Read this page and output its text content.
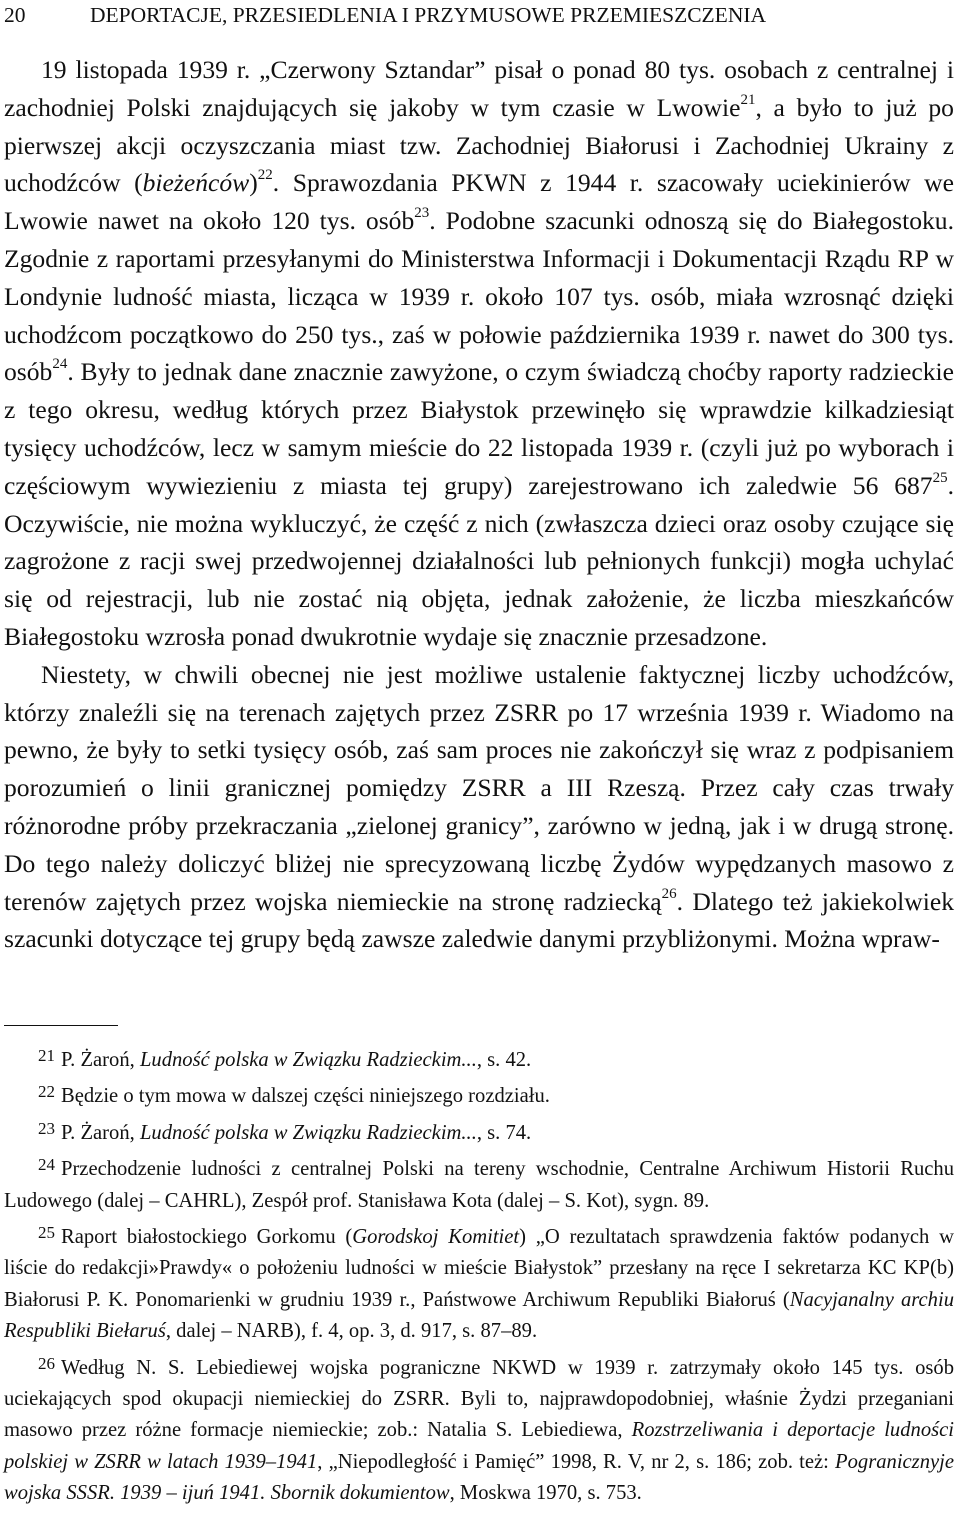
20	DEPORTACJE, PRZESIEDLENIA I PRZYMUSOWE PRZEMIESZCZENIA

19 listopada 1939 r. „Czerwony Sztandar” pisał o ponad 80 tys. osobach z centralnej i zachodniej Polski znajdujących się jakoby w tym czasie w Lwowie$^{21}$, a było to już po pierwszej akcji oczyszczania miast tzw. Zachodniej Białorusi i Zachodniej Ukrainy z uchodźców (bieżeńców)$^{22}$. Sprawozdania PKWN z 1944 r. szacowały uciekinierów we Lwowie nawet na około 120 tys. osób$^{23}$. Podobne szacunki odnoszą się do Białegostoku. Zgodnie z raportami przesyłanymi do Ministerstwa Informacji i Dokumentacji Rządu RP w Londynie ludność miasta, licząca w 1939 r. około 107 tys. osób, miała wzrosnąć dzięki uchodźcom początkowo do 250 tys., zaś w połowie października 1939 r. nawet do 300 tys. osób$^{24}$. Były to jednak dane znacznie zawyżone, o czym świadczą choćby raporty radzieckie z tego okresu, według których przez Białystok przewinęło się wprawdzie kilkadziesiąt tysięcy uchodźców, lecz w samym mieście do 22 listopada 1939 r. (czyli już po wyborach i częściowym wywiezieniu z miasta tej grupy) zarejestrowano ich zaledwie 56 687$^{25}$. Oczywiście, nie można wykluczyć, że część z nich (zwłaszcza dzieci oraz osoby czujące się zagrożone z racji swej przedwojennej działalności lub pełnionych funkcji) mogła uchylać się od rejestracji, lub nie zostać nią objęta, jednak założenie, że liczba mieszkańców Białegostoku wzrosła ponad dwukrotnie wydaje się znacznie przesadzone.

Niestety, w chwili obecnej nie jest możliwe ustalenie faktycznej liczby uchodźców, którzy znaleźli się na terenach zajętych przez ZSRR po 17 września 1939 r. Wiadomo na pewno, że były to setki tysięcy osób, zaś sam proces nie zakończył się wraz z podpisaniem porozumień o linii granicznej pomiędzy ZSRR a III Rzeszą. Przez cały czas trwały różnorodne próby przekraczania „zielonej granicy”, zarówno w jedną, jak i w drugą stronę. Do tego należy doliczyć bliżej nie sprecyzowaną liczbę Żydów wypędzanych masowo z terenów zajętych przez wojska niemieckie na stronę radziecką$^{26}$. Dlatego też jakiekolwiek szacunki dotyczące tej grupy będą zawsze zaledwie danymi przybliżonymi. Można wpraw-

21 P. Żaroń, Ludność polska w Związku Radzieckim..., s. 42.

22 Będzie o tym mowa w dalszej części niniejszego rozdziału.

23 P. Żaroń, Ludność polska w Związku Radzieckim..., s. 74.

24 Przechodzenie ludności z centralnej Polski na tereny wschodnie, Centralne Archiwum Historii Ruchu Ludowego (dalej – CAHRL), Zespół prof. Stanisława Kota (dalej – S. Kot), sygn. 89.

25 Raport białostockiego Gorkomu (Gorodskoj Komitiet) „O rezultatach sprawdzenia faktów podanych w liście do redakcji»Prawdy« o położeniu ludności w mieście Białystok” przesłany na ręce I sekretarza KC KP(b) Białorusi P. K. Ponomarienki w grudniu 1939 r., Państwowe Archiwum Republiki Białoruś (Nacyjanalny archiu Respubliki Biełaruś, dalej – NARB), f. 4, op. 3, d. 917, s. 87–89.

26 Według N. S. Lebiediewej wojska pograniczne NKWD w 1939 r. zatrzymały około 145 tys. osób uciekających spod okupacji niemieckiej do ZSRR. Byli to, najprawdopodobniej, właśnie Żydzi przeganiani masowo przez różne formacje niemieckie; zob.: Natalia S. Lebiediewa, Rozstrzeliwania i deportacje ludności polskiej w ZSRR w latach 1939–1941, „Niepodległość i Pamięć” 1998, R. V, nr 2, s. 186; zob. też: Pogranicznyje wojska SSSR. 1939 – ijuń 1941. Sbornik dokumientow, Moskwa 1970, s. 753.
